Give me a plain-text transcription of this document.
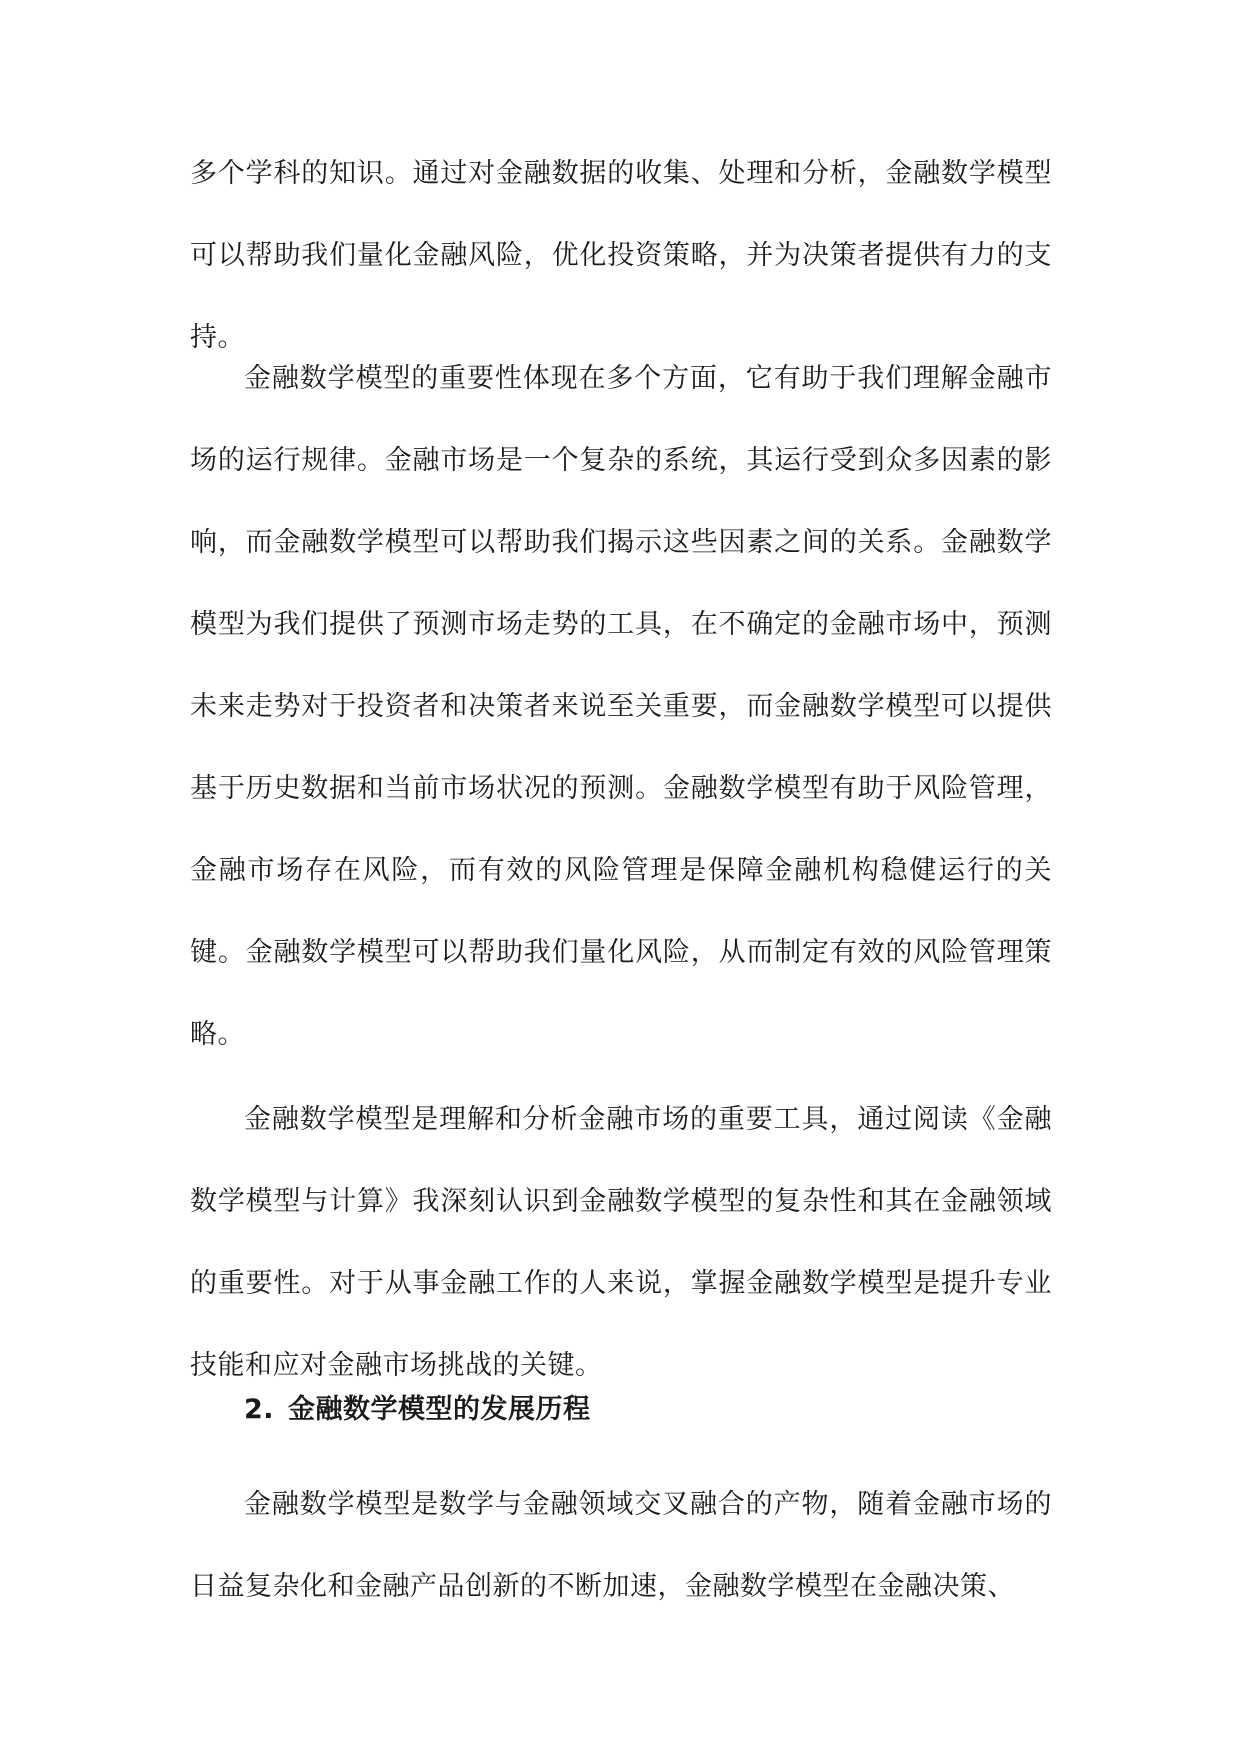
多个学科的知识。通过对金融数据的收集、处理和分析，金融数学模型可以帮助我们量化金融风险，优化投资策略，并为决策者提供有力的支持。

金融数学模型的重要性体现在多个方面，它有助于我们理解金融市场的运行规律。金融市场是一个复杂的系统，其运行受到众多因素的影响，而金融数学模型可以帮助我们揭示这些因素之间的关系。金融数学模型为我们提供了预测市场走势的工具，在不确定的金融市场中，预测未来走势对于投资者和决策者来说至关重要，而金融数学模型可以提供基于历史数据和当前市场状况的预测。金融数学模型有助于风险管理，金融市场存在风险，而有效的风险管理是保障金融机构稳健运行的关键。金融数学模型可以帮助我们量化风险，从而制定有效的风险管理策略。

金融数学模型是理解和分析金融市场的重要工具，通过阅读《金融数学模型与计算》我深刻认识到金融数学模型的复杂性和其在金融领域的重要性。对于从事金融工作的人来说，掌握金融数学模型是提升专业技能和应对金融市场挑战的关键。

2. 金融数学模型的发展历程

金融数学模型是数学与金融领域交叉融合的产物，随着金融市场的日益复杂化和金融产品创新的不断加速，金融数学模型在金融决策、
